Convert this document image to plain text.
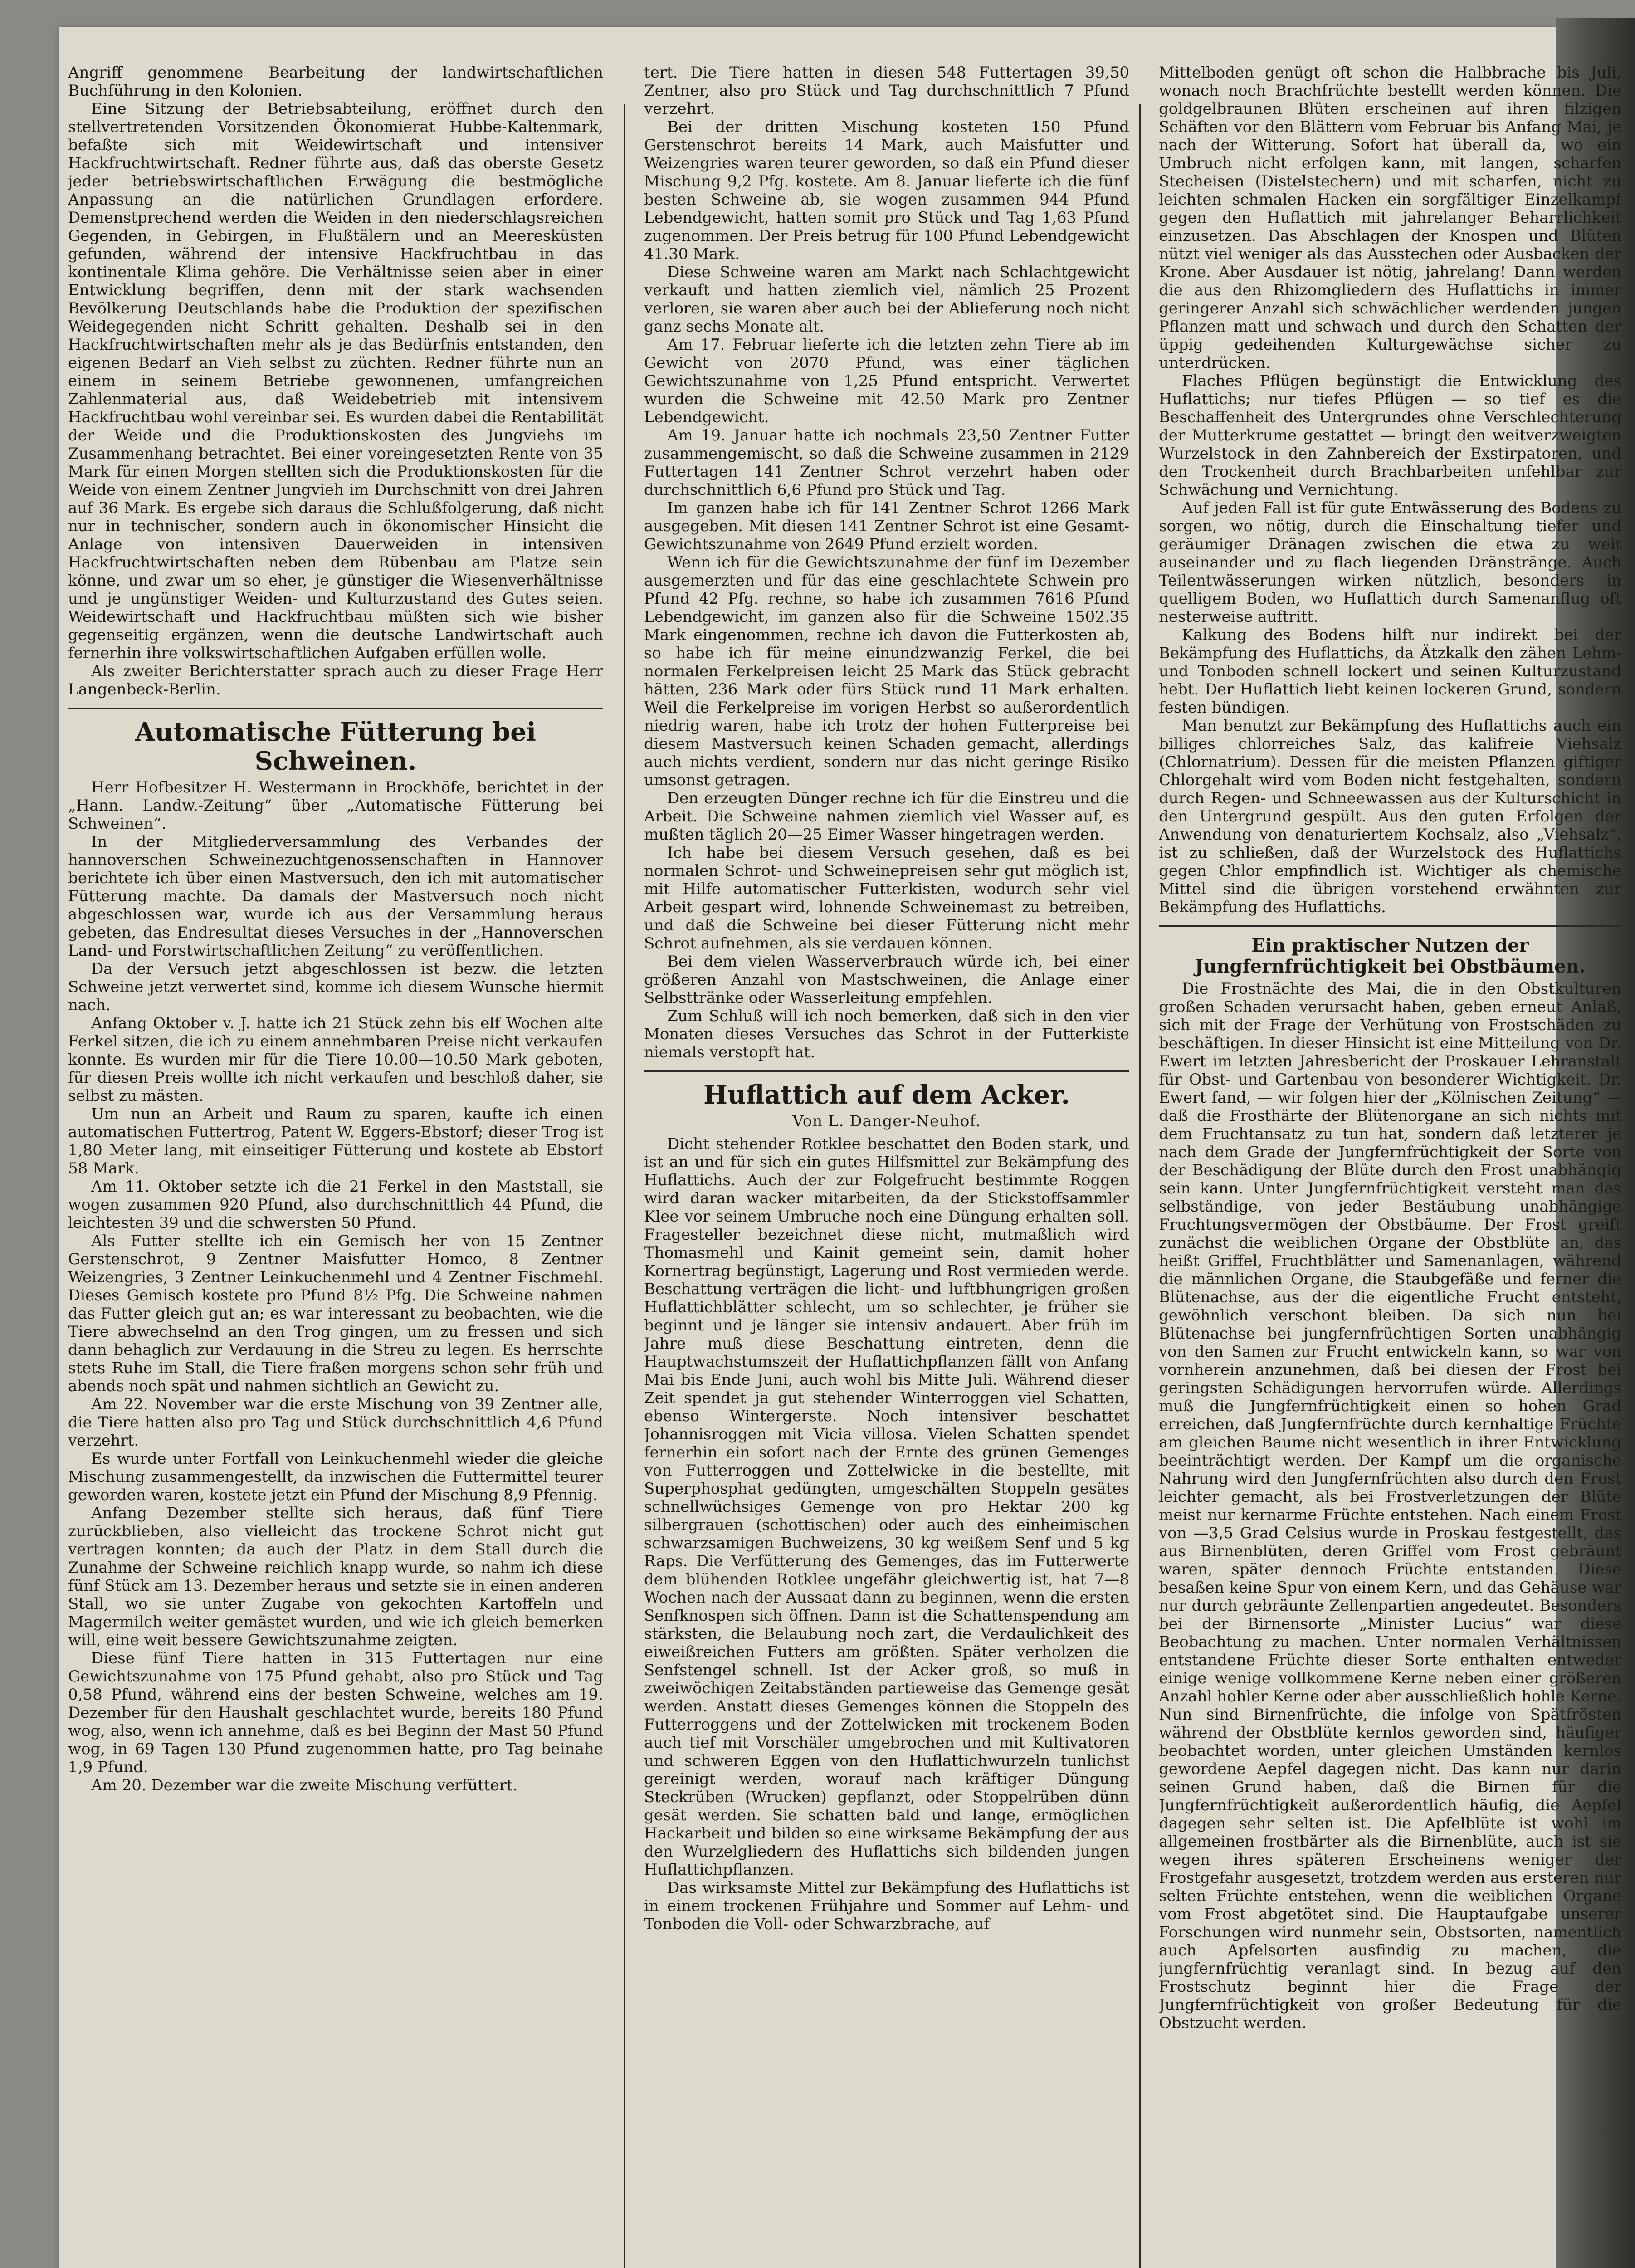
Angriff genommene Bearbeitung der landwirtschaftlichen Buchführung in den Kolonien.

Eine Sitzung der Betriebsabteilung, eröffnet durch den stellvertretenden Vorsitzenden Ökonomierat Hubbe-Kaltenmark, befaßte sich mit Weidewirtschaft und intensiver Hackfruchtwirtschaft. Redner führte aus, daß das oberste Gesetz jeder betriebswirtschaftlichen Erwägung die bestmögliche Anpassung an die natürlichen Grundlagen erfordere. Demenstprechend werden die Weiden in den niederschlagsreichen Gegenden, in Gebirgen, in Flußtälern und an Meeresküsten gefunden, während der intensive Hackfruchtbau in das kontinentale Klima gehöre. Die Verhältnisse seien aber in einer Entwicklung begriffen, denn mit der stark wachsenden Bevölkerung Deutschlands habe die Produktion der spezifischen Weidegegenden nicht Schritt gehalten. Deshalb sei in den Hackfruchtwirtschaften mehr als je das Bedürfnis entstanden, den eigenen Bedarf an Vieh selbst zu züchten. Redner führte nun an einem in seinem Betriebe gewonnenen, umfangreichen Zahlenmaterial aus, daß Weidebetrieb mit intensivem Hackfruchtbau wohl vereinbar sei. Es wurden dabei die Rentabilität der Weide und die Produktionskosten des Jungviehs im Zusammenhang betrachtet. Bei einer voreingesetzten Rente von 35 Mark für einen Morgen stellten sich die Produktionskosten für die Weide von einem Zentner Jungvieh im Durchschnitt von drei Jahren auf 36 Mark. Es ergebe sich daraus die Schlußfolgerung, daß nicht nur in technischer, sondern auch in ökonomischer Hinsicht die Anlage von intensiven Dauerweiden in intensiven Hackfruchtwirtschaften neben dem Rübenbau am Platze sein könne, und zwar um so eher, je günstiger die Wiesenverhältnisse und je ungünstiger Weiden- und Kulturzustand des Gutes seien. Weidewirtschaft und Hackfruchtbau müßten sich wie bisher gegenseitig ergänzen, wenn die deutsche Landwirtschaft auch fernerhin ihre volkswirtschaftlichen Aufgaben erfüllen wolle.

Als zweiter Berichterstatter sprach auch zu dieser Frage Herr Langenbeck-Berlin.

Automatische Fütterung bei Schweinen.

Herr Hofbesitzer H. Westermann in Brockhöfe, berichtet in der „Hann. Landw.-Zeitung“ über „Automatische Fütterung bei Schweinen“.

In der Mitgliederversammlung des Verbandes der hannoverschen Schweinezuchtgenossenschaften in Hannover berichtete ich über einen Mastversuch, den ich mit automatischer Fütterung machte. Da damals der Mastversuch noch nicht abgeschlossen war, wurde ich aus der Versammlung heraus gebeten, das Endresultat dieses Versuches in der „Hannoverschen Land- und Forstwirtschaftlichen Zeitung“ zu veröffentlichen.

Da der Versuch jetzt abgeschlossen ist bezw. die letzten Schweine jetzt verwertet sind, komme ich diesem Wunsche hiermit nach.

Anfang Oktober v. J. hatte ich 21 Stück zehn bis elf Wochen alte Ferkel sitzen, die ich zu einem annehmbaren Preise nicht verkaufen konnte. Es wurden mir für die Tiere 10.00—10.50 Mark geboten, für diesen Preis wollte ich nicht verkaufen und beschloß daher, sie selbst zu mästen.

Um nun an Arbeit und Raum zu sparen, kaufte ich einen automatischen Futtertrog, Patent W. Eggers-Ebstorf; dieser Trog ist 1,80 Meter lang, mit einseitiger Fütterung und kostete ab Ebstorf 58 Mark.

Am 11. Oktober setzte ich die 21 Ferkel in den Maststall, sie wogen zusammen 920 Pfund, also durchschnittlich 44 Pfund, die leichtesten 39 und die schwersten 50 Pfund.

Als Futter stellte ich ein Gemisch her von 15 Zentner Gerstenschrot, 9 Zentner Maisfutter Homco, 8 Zentner Weizengries, 3 Zentner Leinkuchenmehl und 4 Zentner Fischmehl. Dieses Gemisch kostete pro Pfund 8½ Pfg. Die Schweine nahmen das Futter gleich gut an; es war interessant zu beobachten, wie die Tiere abwechselnd an den Trog gingen, um zu fressen und sich dann behaglich zur Verdauung in die Streu zu legen. Es herrschte stets Ruhe im Stall, die Tiere fraßen morgens schon sehr früh und abends noch spät und nahmen sichtlich an Gewicht zu.

Am 22. November war die erste Mischung von 39 Zentner alle, die Tiere hatten also pro Tag und Stück durchschnittlich 4,6 Pfund verzehrt.

Es wurde unter Fortfall von Leinkuchenmehl wieder die gleiche Mischung zusammengestellt, da inzwischen die Futtermittel teurer geworden waren, kostete jetzt ein Pfund der Mischung 8,9 Pfennig.

Anfang Dezember stellte sich heraus, daß fünf Tiere zurückblieben, also vielleicht das trockene Schrot nicht gut vertragen konnten; da auch der Platz in dem Stall durch die Zunahme der Schweine reichlich knapp wurde, so nahm ich diese fünf Stück am 13. Dezember heraus und setzte sie in einen anderen Stall, wo sie unter Zugabe von gekochten Kartoffeln und Magermilch weiter gemästet wurden, und wie ich gleich bemerken will, eine weit bessere Gewichtszunahme zeigten.

Diese fünf Tiere hatten in 315 Futtertagen nur eine Gewichtszunahme von 175 Pfund gehabt, also pro Stück und Tag 0,58 Pfund, während eins der besten Schweine, welches am 19. Dezember für den Haushalt geschlachtet wurde, bereits 180 Pfund wog, also, wenn ich annehme, daß es bei Beginn der Mast 50 Pfund wog, in 69 Tagen 130 Pfund zugenommen hatte, pro Tag beinahe 1,9 Pfund.

Am 20. Dezember war die zweite Mischung verfüttert.

tert. Die Tiere hatten in diesen 548 Futtertagen 39,50 Zentner, also pro Stück und Tag durchschnittlich 7 Pfund verzehrt.

Bei der dritten Mischung kosteten 150 Pfund Gerstenschrot bereits 14 Mark, auch Maisfutter und Weizengries waren teurer geworden, so daß ein Pfund dieser Mischung 9,2 Pfg. kostete. Am 8. Januar lieferte ich die fünf besten Schweine ab, sie wogen zusammen 944 Pfund Lebendgewicht, hatten somit pro Stück und Tag 1,63 Pfund zugenommen. Der Preis betrug für 100 Pfund Lebendgewicht 41.30 Mark.

Diese Schweine waren am Markt nach Schlachtgewicht verkauft und hatten ziemlich viel, nämlich 25 Prozent verloren, sie waren aber auch bei der Ablieferung noch nicht ganz sechs Monate alt.

Am 17. Februar lieferte ich die letzten zehn Tiere ab im Gewicht von 2070 Pfund, was einer täglichen Gewichtszunahme von 1,25 Pfund entspricht. Verwertet wurden die Schweine mit 42.50 Mark pro Zentner Lebendgewicht.

Am 19. Januar hatte ich nochmals 23,50 Zentner Futter zusammengemischt, so daß die Schweine zusammen in 2129 Futtertagen 141 Zentner Schrot verzehrt haben oder durchschnittlich 6,6 Pfund pro Stück und Tag.

Im ganzen habe ich für 141 Zentner Schrot 1266 Mark ausgegeben. Mit diesen 141 Zentner Schrot ist eine Gesamt-Gewichtszunahme von 2649 Pfund erzielt worden.

Wenn ich für die Gewichtszunahme der fünf im Dezember ausgemerzten und für das eine geschlachtete Schwein pro Pfund 42 Pfg. rechne, so habe ich zusammen 7616 Pfund Lebendgewicht, im ganzen also für die Schweine 1502.35 Mark eingenommen, rechne ich davon die Futterkosten ab, so habe ich für meine einundzwanzig Ferkel, die bei normalen Ferkelpreisen leicht 25 Mark das Stück gebracht hätten, 236 Mark oder fürs Stück rund 11 Mark erhalten. Weil die Ferkelpreise im vorigen Herbst so außerordentlich niedrig waren, habe ich trotz der hohen Futterpreise bei diesem Mastversuch keinen Schaden gemacht, allerdings auch nichts verdient, sondern nur das nicht geringe Risiko umsonst getragen.

Den erzeugten Dünger rechne ich für die Einstreu und die Arbeit. Die Schweine nahmen ziemlich viel Wasser auf, es mußten täglich 20—25 Eimer Wasser hingetragen werden.

Ich habe bei diesem Versuch gesehen, daß es bei normalen Schrot- und Schweinepreisen sehr gut möglich ist, mit Hilfe automatischer Futterkisten, wodurch sehr viel Arbeit gespart wird, lohnende Schweinemast zu betreiben, und daß die Schweine bei dieser Fütterung nicht mehr Schrot aufnehmen, als sie verdauen können.

Bei dem vielen Wasserverbrauch würde ich, bei einer größeren Anzahl von Mastschweinen, die Anlage einer Selbsttränke oder Wasserleitung empfehlen.

Zum Schluß will ich noch bemerken, daß sich in den vier Monaten dieses Versuches das Schrot in der Futterkiste niemals verstopft hat.

Huflattich auf dem Acker.
Von L. Danger-Neuhof.

Dicht stehender Rotklee beschattet den Boden stark, und ist an und für sich ein gutes Hilfsmittel zur Bekämpfung des Huflattichs. Auch der zur Folgefrucht bestimmte Roggen wird daran wacker mitarbeiten, da der Stickstoffsammler Klee vor seinem Umbruche noch eine Düngung erhalten soll. Fragesteller bezeichnet diese nicht, mutmaßlich wird Thomasmehl und Kainit gemeint sein, damit hoher Kornertrag begünstigt, Lagerung und Rost vermieden werde. Beschattung verträgen die licht- und luftbhungrigen großen Huflattichblätter schlecht, um so schlechter, je früher sie beginnt und je länger sie intensiv andauert. Aber früh im Jahre muß diese Beschattung eintreten, denn die Hauptwachstumszeit der Huflattichpflanzen fällt von Anfang Mai bis Ende Juni, auch wohl bis Mitte Juli. Während dieser Zeit spendet ja gut stehender Winterroggen viel Schatten, ebenso Wintergerste. Noch intensiver beschattet Johannisroggen mit Vicia villosa. Vielen Schatten spendet fernerhin ein sofort nach der Ernte des grünen Gemenges von Futterroggen und Zottelwicke in die bestellte, mit Superphosphat gedüngten, umgeschälten Stoppeln gesätes schnellwüchsiges Gemenge von pro Hektar 200 kg silbergrauen (schottischen) oder auch des einheimischen schwarzsamigen Buchweizens, 30 kg weißem Senf und 5 kg Raps. Die Verfütterung des Gemenges, das im Futterwerte dem blühenden Rotklee ungefähr gleichwertig ist, hat 7—8 Wochen nach der Aussaat dann zu beginnen, wenn die ersten Senfknospen sich öffnen. Dann ist die Schattenspendung am stärksten, die Belaubung noch zart, die Verdaulichkeit des eiweißreichen Futters am größten. Später verholzen die Senfstengel schnell. Ist der Acker groß, so muß in zweiwöchigen Zeitabständen partieweise das Gemenge gesät werden. Anstatt dieses Gemenges können die Stoppeln des Futterroggens und der Zottelwicken mit trockenem Boden auch tief mit Vorschäler umgebrochen und mit Kultivatoren und schweren Eggen von den Huflattichwurzeln tunlichst gereinigt werden, worauf nach kräftiger Düngung Steckrüben (Wrucken) gepflanzt, oder Stoppelrüben dünn gesät werden. Sie schatten bald und lange, ermöglichen Hackarbeit und bilden so eine wirksame Bekämpfung der aus den Wurzelgliedern des Huflattichs sich bildenden jungen Huflattichpflanzen.

Das wirksamste Mittel zur Bekämpfung des Huflattichs ist in einem trockenen Frühjahre und Sommer auf Lehm- und Tonboden die Voll- oder Schwarzbrache, auf

Mittelboden genügt oft schon die Halbbrache bis Juli, wonach noch Brachfrüchte bestellt werden können. Die goldgelbraunen Blüten erscheinen auf ihren filzigen Schäften vor den Blättern vom Februar bis Anfang Mai, je nach der Witterung. Sofort hat überall da, wo ein Umbruch nicht erfolgen kann, mit langen, scharfen Stecheisen (Distelstechern) und mit scharfen, nicht zu leichten schmalen Hacken ein sorgfältiger Einzelkampf gegen den Huflattich mit jahrelanger Beharrlichkeit einzusetzen. Das Abschlagen der Knospen und Blüten nützt viel weniger als das Ausstechen oder Ausbacken der Krone. Aber Ausdauer ist nötig, jahrelang! Dann werden die aus den Rhizomgliedern des Huflattichs in immer geringerer Anzahl sich schwächlicher werdenden jungen Pflanzen matt und schwach und durch den Schatten der üppig gedeihenden Kulturgewächse sicher zu unterdrücken.

Flaches Pflügen begünstigt die Entwicklung des Huflattichs; nur tiefes Pflügen — so tief es die Beschaffenheit des Untergrundes ohne Verschlechterung der Mutterkrume gestattet — bringt den weitverzweigten Wurzelstock in den Zahnbereich der Exstirpatoren, und den Trockenheit durch Brachbarbeiten unfehlbar zur Schwächung und Vernichtung.

Auf jeden Fall ist für gute Entwässerung des Bodens zu sorgen, wo nötig, durch die Einschaltung tiefer und geräumiger Dränagen zwischen die etwa zu weit auseinander und zu flach liegenden Dränstränge. Auch Teilentwässerungen wirken nützlich, besonders in quelligem Boden, wo Huflattich durch Samenanflug oft nesterweise auftritt.

Kalkung des Bodens hilft nur indirekt bei der Bekämpfung des Huflattichs, da Ätzkalk den zähen Lehm- und Tonboden schnell lockert und seinen Kulturzustand hebt. Der Huflattich liebt keinen lockeren Grund, sondern festen bündigen.

Man benutzt zur Bekämpfung des Huflattichs auch ein billiges chlorreiches Salz, das kalifreie Viehsalz (Chlornatrium). Dessen für die meisten Pflanzen giftiger Chlorgehalt wird vom Boden nicht festgehalten, sondern durch Regen- und Schneewassen aus der Kulturschicht in den Untergrund gespült. Aus den guten Erfolgen der Anwendung von denaturiertem Kochsalz, also „Viehsalz“, ist zu schließen, daß der Wurzelstock des Huflattichs gegen Chlor empfindlich ist. Wichtiger als chemische Mittel sind die übrigen vorstehend erwähnten zur Bekämpfung des Huflattichs.

Ein praktischer Nutzen der Jungfernfrüchtigkeit bei Obstbäumen.

Die Frostnächte des Mai, die in den Obstkulturen großen Schaden verursacht haben, geben erneut Anlaß, sich mit der Frage der Verhütung von Frostschäden zu beschäftigen. In dieser Hinsicht ist eine Mitteilung von Dr. Ewert im letzten Jahresbericht der Proskauer Lehranstalt für Obst- und Gartenbau von besonderer Wichtigkeit. Dr. Ewert fand, — wir folgen hier der „Kölnischen Zeitung“ — daß die Frosthärte der Blütenorgane an sich nichts mit dem Fruchtansatz zu tun hat, sondern daß letzterer je nach dem Grade der Jungfernfrüchtigkeit der Sorte von der Beschädigung der Blüte durch den Frost unabhängig sein kann. Unter Jungfernfrüchtigkeit versteht man das selbständige, von jeder Bestäubung unabhängige Fruchtungsvermögen der Obstbäume. Der Frost greift zunächst die weiblichen Organe der Obstblüte an, das heißt Griffel, Fruchtblätter und Samenanlagen, während die männlichen Organe, die Staubgefäße und ferner die Blütenachse, aus der die eigentliche Frucht entsteht, gewöhnlich verschont bleiben. Da sich nun bei Blütenachse bei jungfernfrüchtigen Sorten unabhängig von den Samen zur Frucht entwickeln kann, so war von vornherein anzunehmen, daß bei diesen der Frost bei geringsten Schädigungen hervorrufen würde. Allerdings muß die Jungfernfrüchtigkeit einen so hohen Grad erreichen, daß Jungfernfrüchte durch kernhaltige Früchte am gleichen Baume nicht wesentlich in ihrer Entwicklung beeinträchtigt werden. Der Kampf um die organische Nahrung wird den Jungfernfrüchten also durch den Frost leichter gemacht, als bei Frostverletzungen der Blüte meist nur kernarme Früchte entstehen. Nach einem Frost von —3,5 Grad Celsius wurde in Proskau festgestellt, das aus Birnenblüten, deren Griffel vom Frost gebräunt waren, später dennoch Früchte entstanden. Diese besaßen keine Spur von einem Kern, und das Gehäuse war nur durch gebräunte Zellenpartien angedeutet. Besonders bei der Birnensorte „Minister Lucius“ war diese Beobachtung zu machen. Unter normalen Verhältnissen entstandene Früchte dieser Sorte enthalten entweder einige wenige vollkommene Kerne neben einer größeren Anzahl hohler Kerne oder aber ausschließlich hohle Kerne. Nun sind Birnenfrüchte, die infolge von Spätfrösten während der Obstblüte kernlos geworden sind, häufiger beobachtet worden, unter gleichen Umständen kernlos gewordene Aepfel dagegen nicht. Das kann nur darin seinen Grund haben, daß die Birnen für die Jungfernfrüchtigkeit außerordentlich häufig, die Aepfel dagegen sehr selten ist. Die Apfelblüte ist wohl im allgemeinen frostbärter als die Birnenblüte, auch ist sie wegen ihres späteren Erscheinens weniger der Frostgefahr ausgesetzt, trotzdem werden aus ersteren nur selten Früchte entstehen, wenn die weiblichen Organe vom Frost abgetötet sind. Die Hauptaufgabe unserer Forschungen wird nunmehr sein, Obstsorten, namentlich auch Apfelsorten ausfindig zu machen, die jungfernfrüchtig veranlagt sind. In bezug auf den Frostschutz beginnt hier die Frage der Jungfernfrüchtigkeit von großer Bedeutung für die Obstzucht werden.
